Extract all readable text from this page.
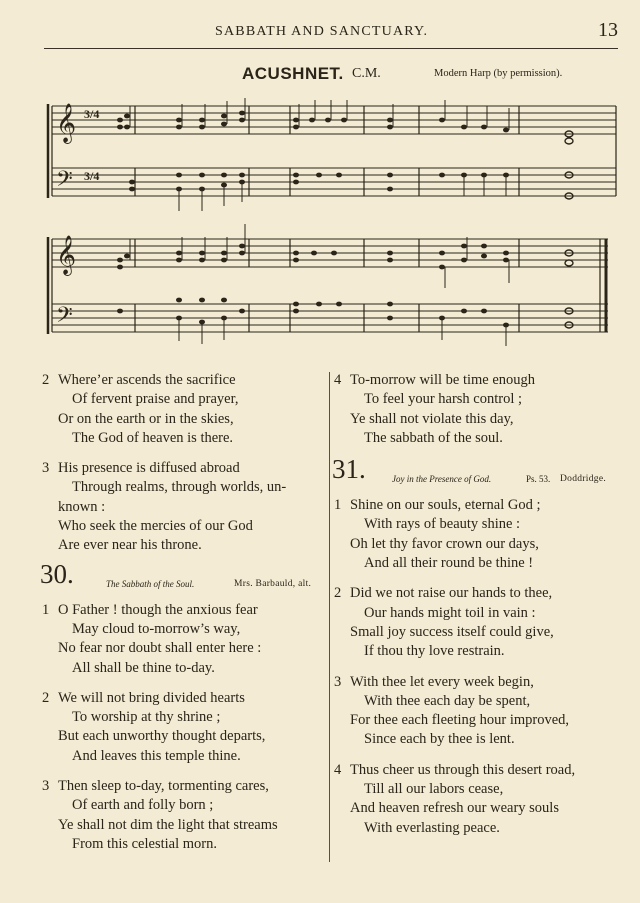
SABBATH AND SANCTUARY.	13
ACUSHNET. C.M.	Modern Harp (by permission).
𝄞
𝄢
𝄞
𝄢
3/4
3/4
2 Where’er ascends the sacrifice
Of fervent praise and prayer,
Or on the earth or in the skies,
The God of heaven is there.
3 His presence is diffused abroad
Through realms, through worlds, un-
known :
Who seek the mercies of our God
Are ever near his throne.
30.	The Sabbath of the Soul.	Mrs. Barbauld, alt.
1 O Father ! though the anxious fear
May cloud to-morrow’s way,
No fear nor doubt shall enter here :
All shall be thine to-day.
2 We will not bring divided hearts
To worship at thy shrine ;
But each unworthy thought departs,
And leaves this temple thine.
3 Then sleep to-day, tormenting cares,
Of earth and folly born ;
Ye shall not dim the light that streams
From this celestial morn.
4 To-morrow will be time enough
To feel your harsh control ;
Ye shall not violate this day,
The sabbath of the soul.
31.	Joy in the Presence of God.	Ps. 53. Doddridge.
1 Shine on our souls, eternal God ;
With rays of beauty shine :
Oh let thy favor crown our days,
And all their round be thine !
2 Did we not raise our hands to thee,
Our hands might toil in vain :
Small joy success itself could give,
If thou thy love restrain.
3 With thee let every week begin,
With thee each day be spent,
For thee each fleeting hour improved,
Since each by thee is lent.
4 Thus cheer us through this desert road,
Till all our labors cease,
And heaven refresh our weary souls
With everlasting peace.
